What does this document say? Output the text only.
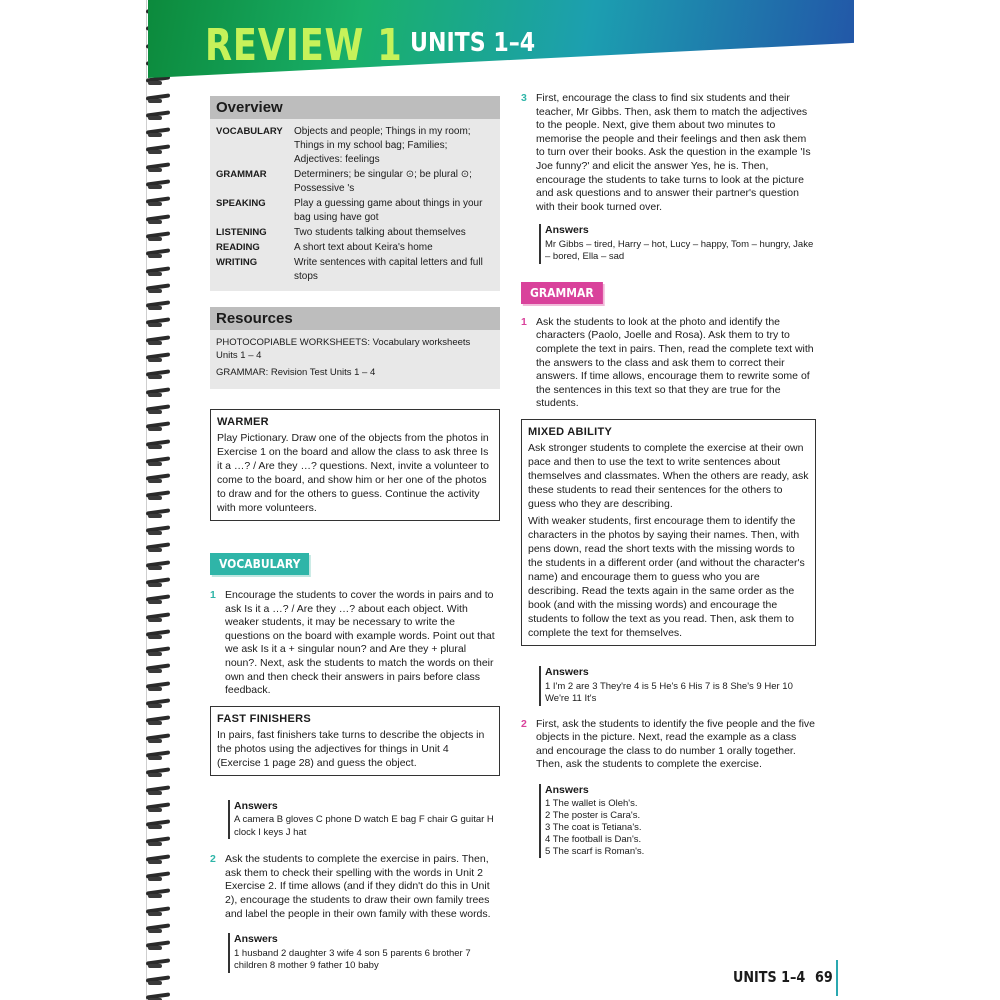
REVIEW 1 UNITS 1–4
Overview
VOCABULARY	Objects and people; Things in my room; Things in my school bag; Families; Adjectives: feelings
GRAMMAR	Determiners; be singular ⊙; be plural ⊙; Possessive 's
SPEAKING	Play a guessing game about things in your bag using have got
LISTENING	Two students talking about themselves
READING	A short text about Keira's home
WRITING	Write sentences with capital letters and full stops
Resources
PHOTOCOPIABLE WORKSHEETS: Vocabulary worksheets Units 1 – 4
GRAMMAR: Revision Test Units 1 – 4
WARMER
Play Pictionary. Draw one of the objects from the photos in Exercise 1 on the board and allow the class to ask three Is it a …? / Are they …? questions. Next, invite a volunteer to come to the board, and show him or her one of the photos to draw and for the others to guess. Continue the activity with more volunteers.
VOCABULARY
1 Encourage the students to cover the words in pairs and to ask Is it a …? / Are they …? about each object. With weaker students, it may be necessary to write the questions on the board with example words. Point out that we ask Is it a + singular noun? and Are they + plural noun?. Next, ask the students to match the words on their own and then check their answers in pairs before class feedback.
FAST FINISHERS
In pairs, fast finishers take turns to describe the objects in the photos using the adjectives for things in Unit 4 (Exercise 1 page 28) and guess the object.
Answers
A camera B gloves C phone D watch E bag F chair G guitar H clock I keys J hat
2 Ask the students to complete the exercise in pairs. Then, ask them to check their spelling with the words in Unit 2 Exercise 2. If time allows (and if they didn't do this in Unit 2), encourage the students to draw their own family trees and label the people in their own family with these words.
Answers
1 husband 2 daughter 3 wife 4 son 5 parents 6 brother 7 children 8 mother 9 father 10 baby
3 First, encourage the class to find six students and their teacher, Mr Gibbs. Then, ask them to match the adjectives to the people. Next, give them about two minutes to memorise the people and their feelings and then ask them to turn over their books. Ask the question in the example 'Is Joe funny?' and elicit the answer Yes, he is. Then, encourage the students to take turns to look at the picture and ask questions and to answer their partner's question with their book turned over.
Answers
Mr Gibbs – tired, Harry – hot, Lucy – happy, Tom – hungry, Jake – bored, Ella – sad
GRAMMAR
1 Ask the students to look at the photo and identify the characters (Paolo, Joelle and Rosa). Ask them to try to complete the text in pairs. Then, read the complete text with the answers to the class and ask them to correct their answers. If time allows, encourage them to rewrite some of the sentences in this text so that they are true for the students.
MIXED ABILITY
Ask stronger students to complete the exercise at their own pace and then to use the text to write sentences about themselves and classmates. When the others are ready, ask these students to read their sentences for the others to guess who they are describing.
With weaker students, first encourage them to identify the characters in the photos by saying their names. Then, with pens down, read the short texts with the missing words to the students in a different order (and without the character's name) and encourage them to guess who you are describing. Read the texts again in the same order as the book (and with the missing words) and encourage the students to follow the text as you read. Then, ask them to complete the text for themselves.
Answers
1 I'm 2 are 3 They're 4 is 5 He's 6 His 7 is 8 She's 9 Her 10 We're 11 It's
2 First, ask the students to identify the five people and the five objects in the picture. Next, read the example as a class and encourage the class to do number 1 orally together. Then, ask the students to complete the exercise.
Answers
1 The wallet is Oleh's.
2 The poster is Cara's.
3 The coat is Tetiana's.
4 The football is Dan's.
5 The scarf is Roman's.
UNITS 1–4 69
